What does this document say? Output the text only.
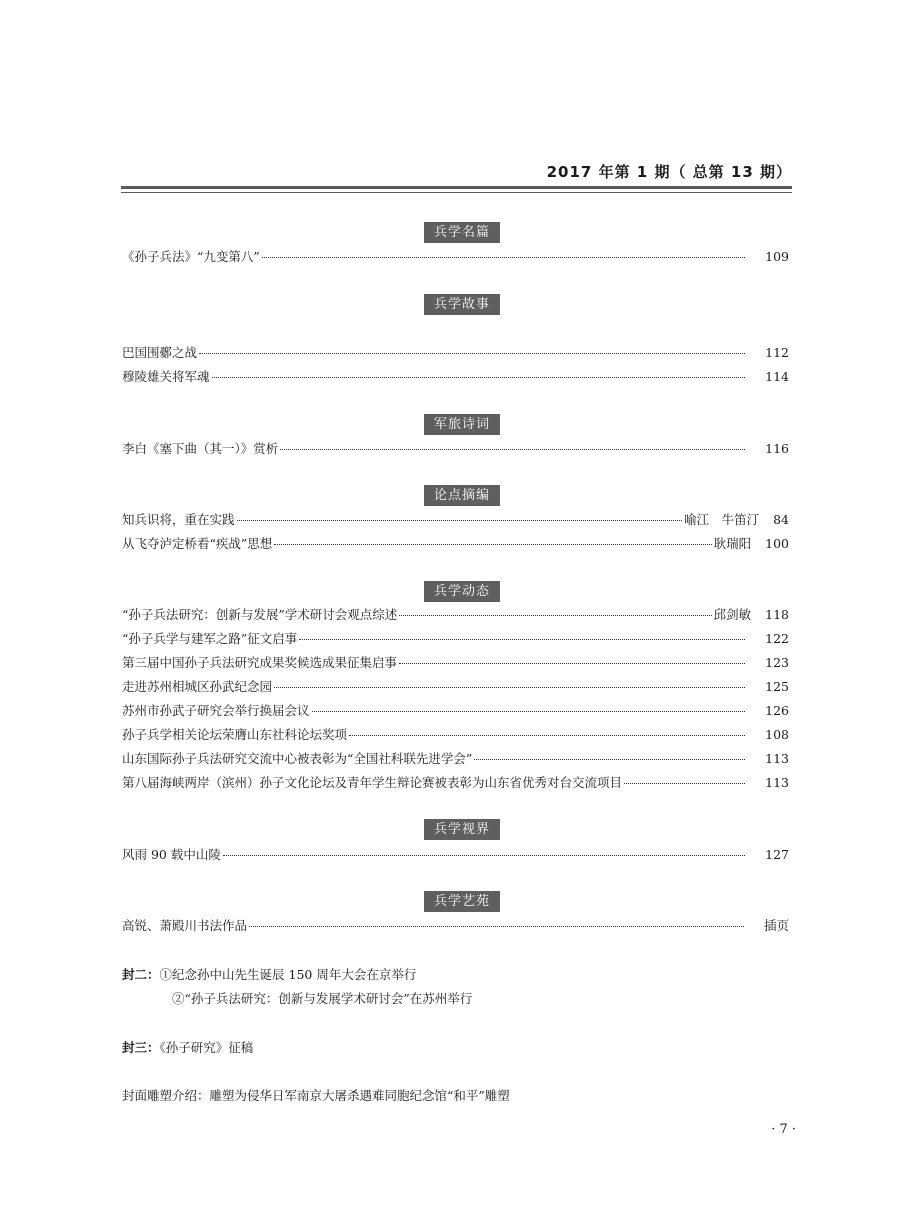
2017 年第 1 期（ 总第 13 期）
兵学名篇
《孙子兵法》“九变第八”	109
兵学故事
巴国围鄾之战	112
穆陵雄关将军魂	114
军旅诗词
李白《塞下曲（其一）》赏析	116
论点摘编
知兵识将，重在实践	喻江　牛笛汀 84
从飞夺泸定桥看“疾战”思想	耿瑞阳 100
兵学动态
“孙子兵法研究：创新与发展”学术研讨会观点综述	邱剑敏 118
“孙子兵学与建军之路”征文启事	122
第三届中国孙子兵法研究成果奖候选成果征集启事	123
走进苏州相城区孙武纪念园	125
苏州市孙武子研究会举行换届会议	126
孙子兵学相关论坛荣膺山东社科论坛奖项	108
山东国际孙子兵法研究交流中心被表彰为“全国社科联先进学会”	113
第八届海峡两岸（滨州）孙子文化论坛及青年学生辩论赛被表彰为山东省优秀对台交流项目	113
兵学视界
风雨 90 载中山陵	127
兵学艺苑
高锐、萧殿川书法作品	插页
封二：①纪念孙中山先生诞辰 150 周年大会在京举行
②“孙子兵法研究：创新与发展学术研讨会”在苏州举行
封三：《孙子研究》征稿
封面雕塑介绍：雕塑为侵华日军南京大屠杀遇难同胞纪念馆“和平”雕塑
· 7 ·
